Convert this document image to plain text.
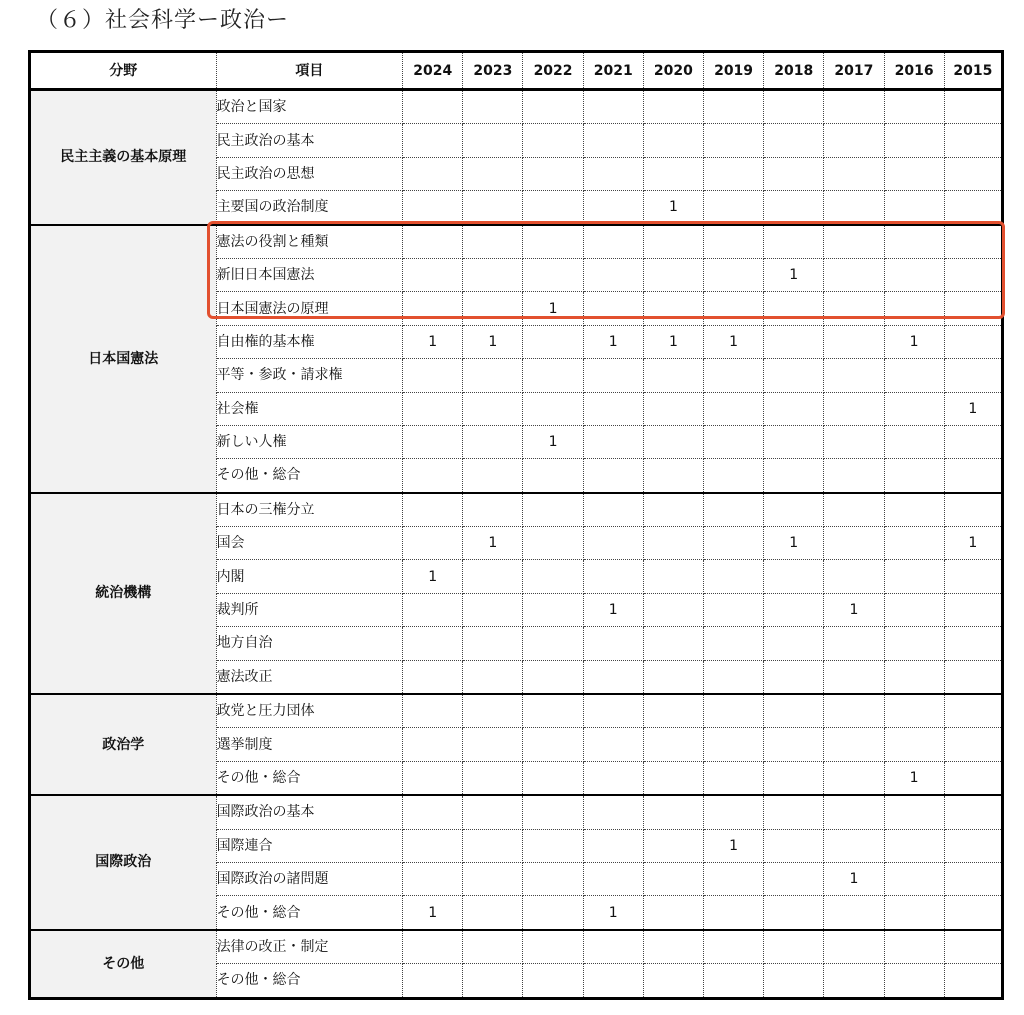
（６）社会科学ー政治ー
分野	項目	2024	2023	2022	2021	2020	2019	2018	2017	2016	2015
民主主義の基本原理	政治と国家										
	民主政治の基本										
	民主政治の思想										
	主要国の政治制度					1					
日本国憲法	憲法の役割と種類										
	新旧日本国憲法							1			
	日本国憲法の原理			1							
	自由権的基本権	1	1		1	1	1			1	
	平等・参政・請求権										
	社会権										1
	新しい人権			1							
	その他・総合										
統治機構	日本の三権分立										
	国会		1					1			1
	内閣	1									
	裁判所				1				1		
	地方自治										
	憲法改正										
政治学	政党と圧力団体										
	選挙制度										
	その他・総合									1	
国際政治	国際政治の基本										
	国際連合						1				
	国際政治の諸問題								1		
	その他・総合	1			1						
その他	法律の改正・制定										
	その他・総合										
